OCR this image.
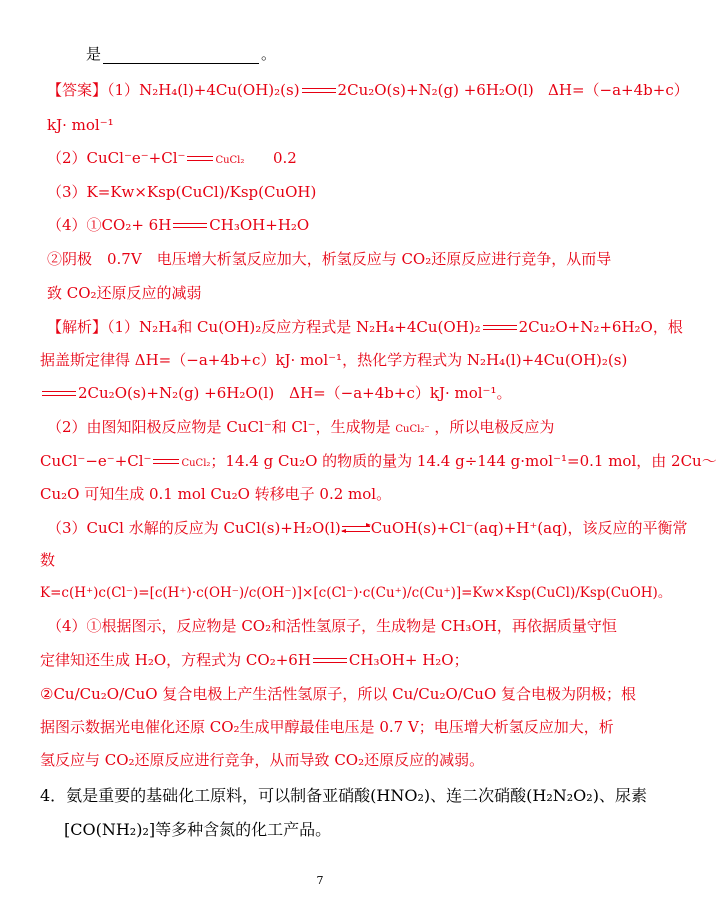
是	。
【答案】（1）N₂H₄(l)+4Cu(OH)₂(s)	2Cu₂O(s)+N₂(g) +6H₂O(l) ΔH=（−a+4b+c）
kJ· mol⁻¹
（2）CuCl⁻e⁻+Cl⁻	CuCl₂ 0.2
（3）K=Kw×Ksp(CuCl)/Ksp(CuOH)
（4）①CO₂+ 6H	CH₃OH+H₂O
②阴极　0.7V　电压增大析氢反应加大，析氢反应与 CO₂还原反应进行竞争，从而导
致 CO₂还原反应的减弱
【解析】（1）N₂H₄和 Cu(OH)₂反应方程式是 N₂H₄+4Cu(OH)₂	2Cu₂O+N₂+6H₂O，根
据盖斯定律得 ΔH=（−a+4b+c）kJ· mol⁻¹，热化学方程式为 N₂H₄(l)+4Cu(OH)₂(s)
2Cu₂O(s)+N₂(g) +6H₂O(l)　ΔH=（−a+4b+c）kJ· mol⁻¹。
（2）由图知阳极反应物是 CuCl⁻和 Cl⁻，生成物是 CuCl₂⁻ ，所以电极反应为
CuCl⁻−e⁻+Cl⁻	CuCl₂；14.4 g Cu₂O 的物质的量为 14.4 g÷144 g·mol⁻¹=0.1 mol，由 2Cu～
Cu₂O 可知生成 0.1 mol Cu₂O 转移电子 0.2 mol。
（3）CuCl 水解的反应为 CuCl(s)+H₂O(l) CuOH(s)+Cl⁻(aq)+H⁺(aq)，该反应的平衡常
数
K=c(H⁺)c(Cl⁻)=[c(H⁺)·c(OH⁻)/c(OH⁻)]×[c(Cl⁻)·c(Cu⁺)/c(Cu⁺)]=Kw×Ksp(CuCl)/Ksp(CuOH)。
（4）①根据图示，反应物是 CO₂和活性氢原子，生成物是 CH₃OH，再依据质量守恒
定律知还生成 H₂O，方程式为 CO₂+6H	CH₃OH+ H₂O；
②Cu/Cu₂O/CuO 复合电极上产生活性氢原子，所以 Cu/Cu₂O/CuO 复合电极为阴极；根
据图示数据光电催化还原 CO₂生成甲醇最佳电压是 0.7 V；电压增大析氢反应加大，析
氢反应与 CO₂还原反应进行竞争，从而导致 CO₂还原反应的减弱。
4．氨是重要的基础化工原料，可以制备亚硝酸(HNO₂)、连二次硝酸(H₂N₂O₂)、尿素
[CO(NH₂)₂]等多种含氮的化工产品。
7
